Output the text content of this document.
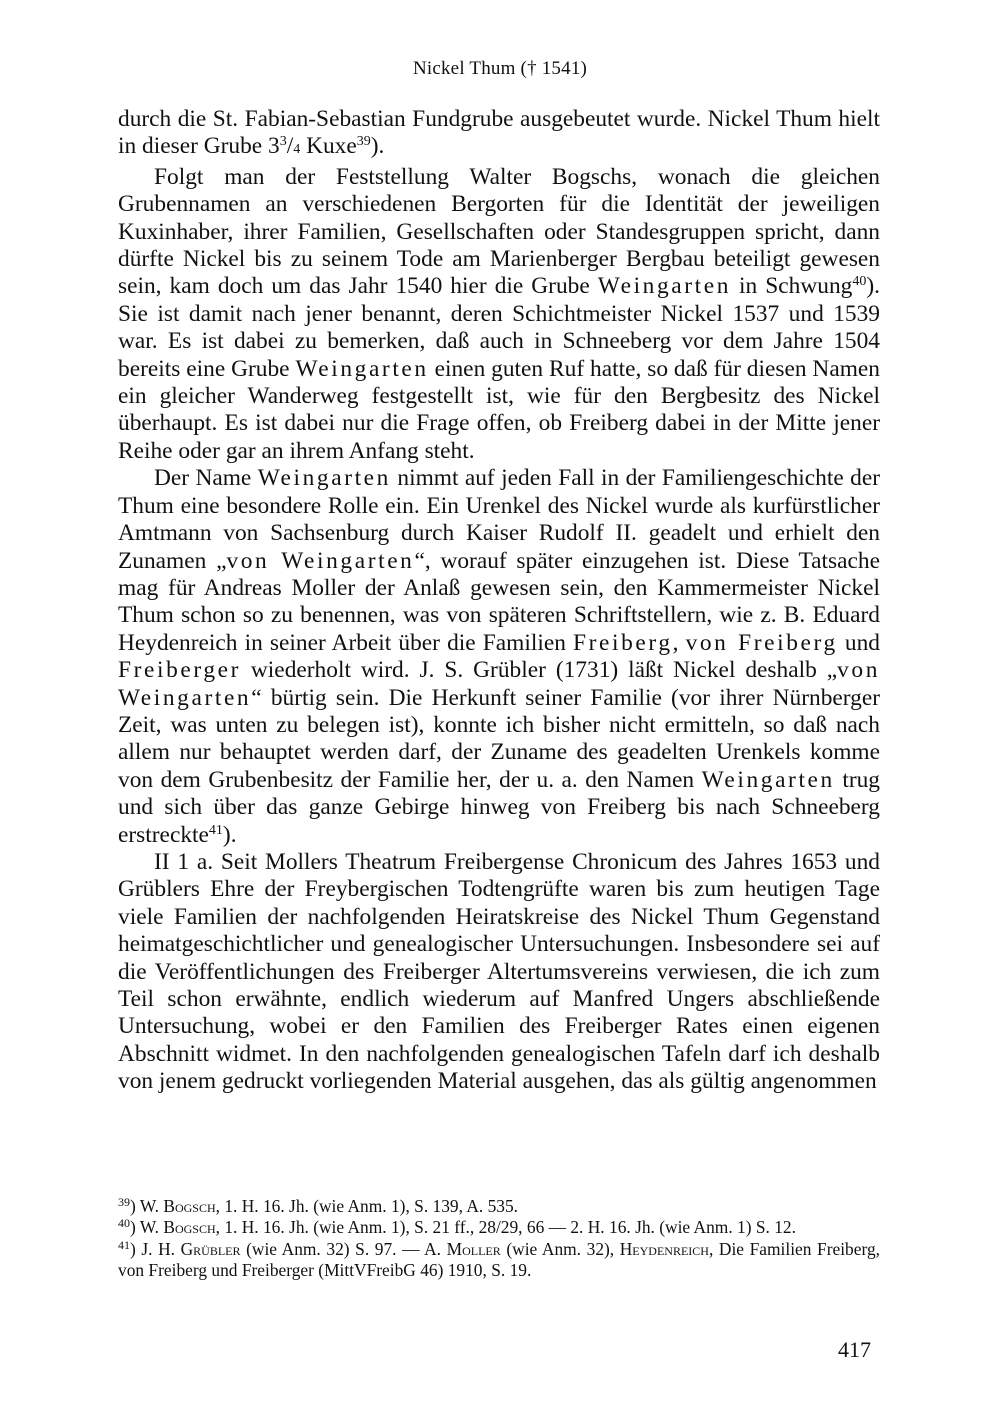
Nickel Thum († 1541)

durch die St. Fabian-Sebastian Fundgrube ausgebeutet wurde. Nickel Thum hielt in dieser Grube $3^3/4$ Kuxe$^{39}$).

Folgt man der Feststellung Walter Bogschs, wonach die gleichen Grubennamen an verschiedenen Bergorten für die Identität der jeweiligen Kuxinhaber, ihrer Familien, Gesellschaften oder Standesgruppen spricht, dann dürfte Nickel bis zu seinem Tode am Marienberger Bergbau beteiligt gewesen sein, kam doch um das Jahr 1540 hier die Grube Weingarten in Schwung$^{40}$). Sie ist damit nach jener benannt, deren Schichtmeister Nickel 1537 und 1539 war. Es ist dabei zu bemerken, daß auch in Schneeberg vor dem Jahre 1504 bereits eine Grube Weingarten einen guten Ruf hatte, so daß für diesen Namen ein gleicher Wanderweg festgestellt ist, wie für den Bergbesitz des Nickel überhaupt. Es ist dabei nur die Frage offen, ob Freiberg dabei in der Mitte jener Reihe oder gar an ihrem Anfang steht.

Der Name Weingarten nimmt auf jeden Fall in der Familiengeschichte der Thum eine besondere Rolle ein. Ein Urenkel des Nickel wurde als kurfürstlicher Amtmann von Sachsenburg durch Kaiser Rudolf II. geadelt und erhielt den Zunamen „von Weingarten“, worauf später einzugehen ist. Diese Tatsache mag für Andreas Moller der Anlaß gewesen sein, den Kammermeister Nickel Thum schon so zu benennen, was von späteren Schriftstellern, wie z. B. Eduard Heydenreich in seiner Arbeit über die Familien Freiberg, von Freiberg und Freiberger wiederholt wird. J. S. Grübler (1731) läßt Nickel deshalb „von Weingarten“ bürtig sein. Die Herkunft seiner Familie (vor ihrer Nürnberger Zeit, was unten zu belegen ist), konnte ich bisher nicht ermitteln, so daß nach allem nur behauptet werden darf, der Zuname des geadelten Urenkels komme von dem Grubenbesitz der Familie her, der u. a. den Namen Weingarten trug und sich über das ganze Gebirge hinweg von Freiberg bis nach Schneeberg erstreckte$^{41}$).

II 1 a. Seit Mollers Theatrum Freibergense Chronicum des Jahres 1653 und Grüblers Ehre der Freybergischen Todtengrüfte waren bis zum heutigen Tage viele Familien der nachfolgenden Heiratskreise des Nickel Thum Gegenstand heimatgeschichtlicher und genealogischer Untersuchungen. Insbesondere sei auf die Veröffentlichungen des Freiberger Altertumsvereins verwiesen, die ich zum Teil schon erwähnte, endlich wiederum auf Manfred Ungers abschließende Untersuchung, wobei er den Familien des Freiberger Rates einen eigenen Abschnitt widmet. In den nachfolgenden genealogischen Tafeln darf ich deshalb von jenem gedruckt vorliegenden Material ausgehen, das als gültig angenommen

$^{39}$) W. Bogsch, 1. H. 16. Jh. (wie Anm. 1), S. 139, A. 535.

$^{40}$) W. Bogsch, 1. H. 16. Jh. (wie Anm. 1), S. 21 ff., 28/29, 66 — 2. H. 16. Jh. (wie Anm. 1) S. 12.

$^{41}$) J. H. Grübler (wie Anm. 32) S. 97. — A. Moller (wie Anm. 32), Heydenreich, Die Familien Freiberg, von Freiberg und Freiberger (MittVFreibG 46) 1910, S. 19.

417
